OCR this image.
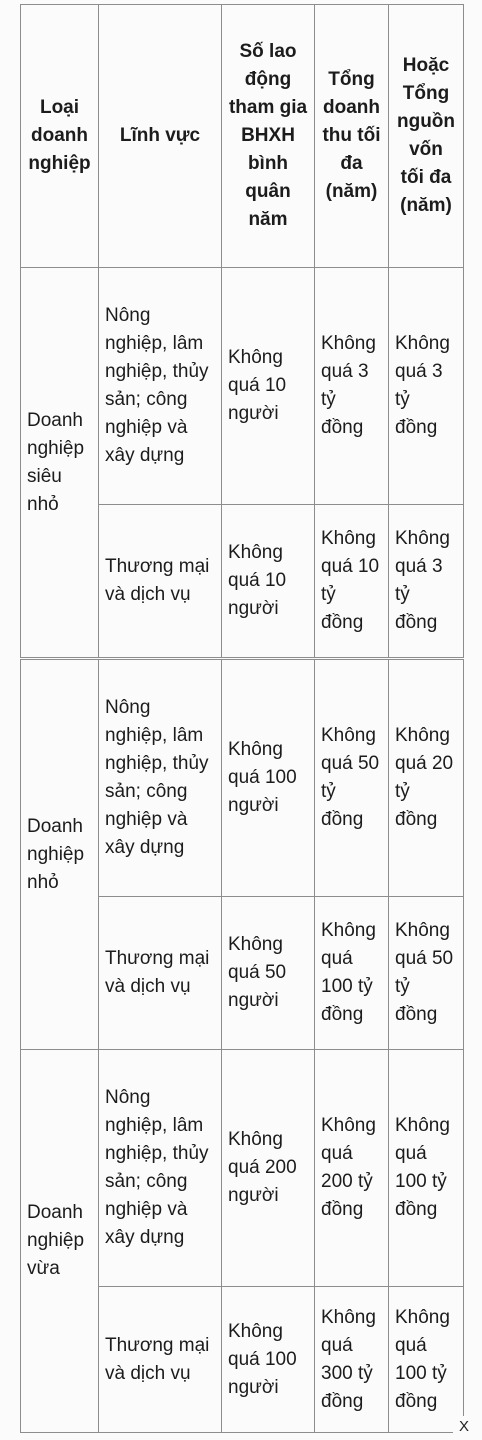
Loại doanh nghiệp	Lĩnh vực	Số lao động tham gia BHXH bình quân năm	Tổng doanh thu tối đa (năm)	Hoặc Tổng nguồn vốn tối đa (năm)
Doanh nghiệp siêu nhỏ	Nông nghiệp, lâm nghiệp, thủy sản; công nghiệp và xây dựng	Không quá 10 người	Không quá 3 tỷ đồng	Không quá 3 tỷ đồng
	Thương mại và dịch vụ	Không quá 10 người	Không quá 10 tỷ đồng	Không quá 3 tỷ đồng
Doanh nghiệp nhỏ	Nông nghiệp, lâm nghiệp, thủy sản; công nghiệp và xây dựng	Không quá 100 người	Không quá 50 tỷ đồng	Không quá 20 tỷ đồng
	Thương mại và dịch vụ	Không quá 50 người	Không quá 100 tỷ đồng	Không quá 50 tỷ đồng
Doanh nghiệp vừa	Nông nghiệp, lâm nghiệp, thủy sản; công nghiệp và xây dựng	Không quá 200 người	Không quá 200 tỷ đồng	Không quá 100 tỷ đồng
	Thương mại và dịch vụ	Không quá 100 người	Không quá 300 tỷ đồng	Không quá 100 tỷ đồng
X
